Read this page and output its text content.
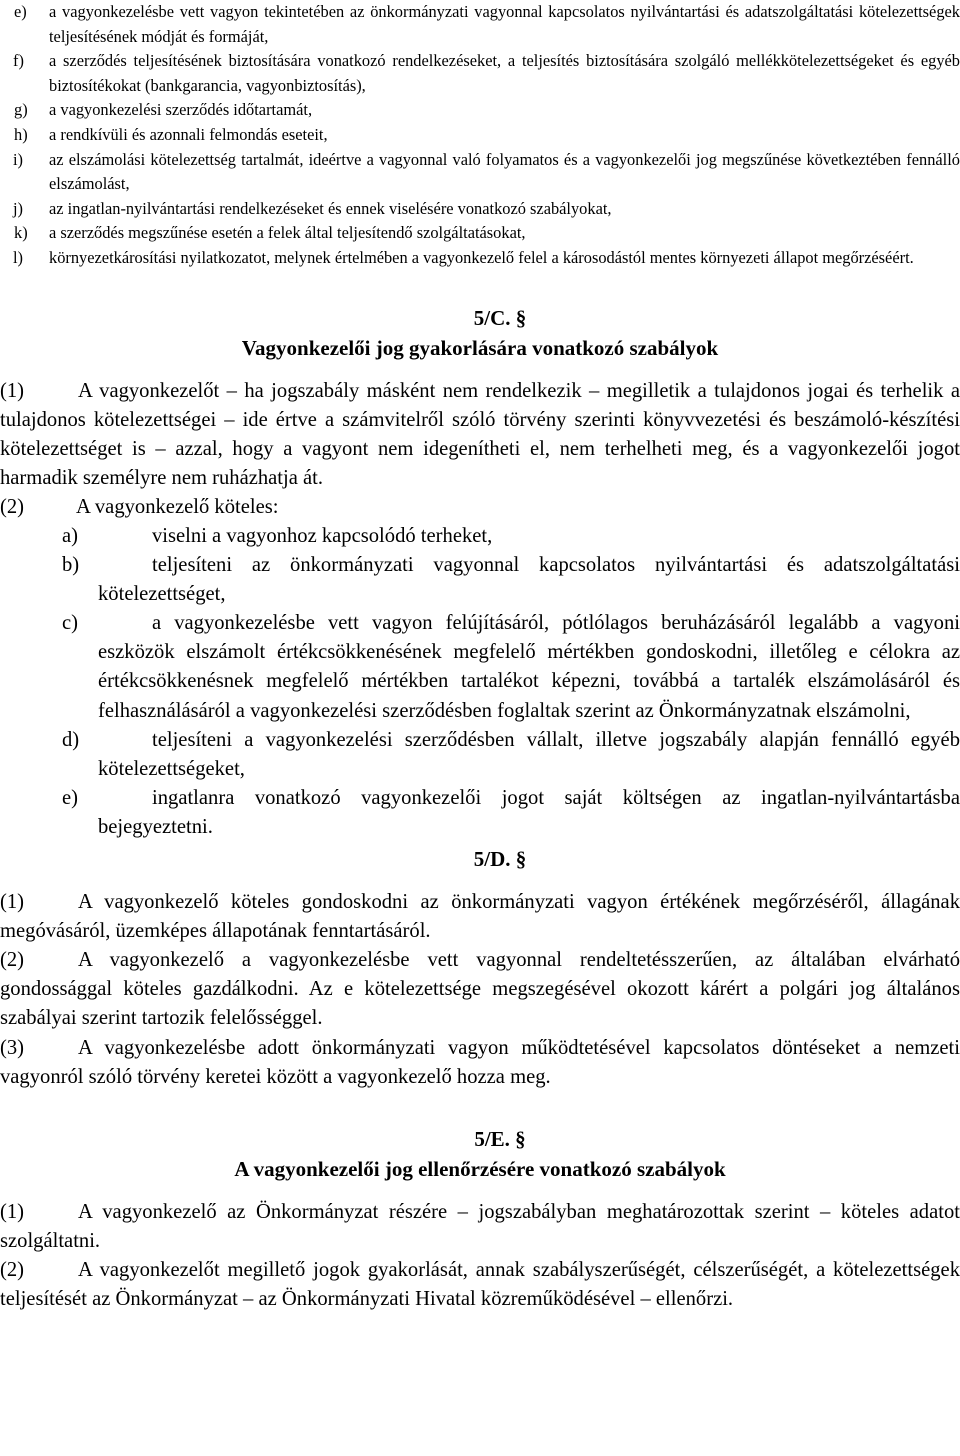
e)	a vagyonkezelésbe vett vagyon tekintetében az önkormányzati vagyonnal kapcsolatos nyilvántartási és adatszolgáltatási kötelezettségek teljesítésének módját és formáját,
f)	a szerződés teljesítésének biztosítására vonatkozó rendelkezéseket, a teljesítés biztosítására szolgáló mellékkötelezettségeket és egyéb biztosítékokat (bankgarancia, vagyonbiztosítás),
g)	a vagyonkezelési szerződés időtartamát,
h)	a rendkívüli és azonnali felmondás eseteit,
i)	az elszámolási kötelezettség tartalmát, ideértve a vagyonnal való folyamatos és a vagyonkezelői jog megszűnése következtében fennálló elszámolást,
j)	az ingatlan-nyilvántartási rendelkezéseket és ennek viselésére vonatkozó szabályokat,
k)	a szerződés megszűnése esetén a felek által teljesítendő szolgáltatásokat,
l)	környezetkárosítási nyilatkozatot, melynek értelmében a vagyonkezelő felel a károsodástól mentes környezeti állapot megőrzéséért.
5/C. §
Vagyonkezelői jog gyakorlására vonatkozó szabályok
(1)	A vagyonkezelőt – ha jogszabály másként nem rendelkezik – megilletik a tulajdonos jogai és terhelik a tulajdonos kötelezettségei – ide értve a számvitelről szóló törvény szerinti könyvvezetési és beszámoló-készítési kötelezettséget is – azzal, hogy a vagyont nem idegenítheti el, nem terhelheti meg, és a vagyonkezelői jogot harmadik személyre nem ruházhatja át.
(2)	A vagyonkezelő köteles:
a)	viselni a vagyonhoz kapcsolódó terheket,
b)	teljesíteni az önkormányzati vagyonnal kapcsolatos nyilvántartási és adatszolgáltatási kötelezettséget,
c)	a vagyonkezelésbe vett vagyon felújításáról, pótlólagos beruházásáról legalább a vagyoni eszközök elszámolt értékcsökkenésének megfelelő mértékben gondoskodni, illetőleg e célokra az értékcsökkenésnek megfelelő mértékben tartalékot képezni, továbbá a tartalék elszámolásáról és felhasználásáról a vagyonkezelési szerződésben foglaltak szerint az Önkormányzatnak elszámolni,
d)	teljesíteni a vagyonkezelési szerződésben vállalt, illetve jogszabály alapján fennálló egyéb kötelezettségeket,
e)	ingatlanra vonatkozó vagyonkezelői jogot saját költségen az ingatlan-nyilvántartásba bejegyeztetni.
5/D. §
(1)	A vagyonkezelő köteles gondoskodni az önkormányzati vagyon értékének megőrzéséről, állagának megóvásáról, üzemképes állapotának fenntartásáról.
(2)	A vagyonkezelő a vagyonkezelésbe vett vagyonnal rendeltetésszerűen, az általában elvárható gondossággal köteles gazdálkodni. Az e kötelezettsége megszegésével okozott kárért a polgári jog általános szabályai szerint tartozik felelősséggel.
(3)	A vagyonkezelésbe adott önkormányzati vagyon működtetésével kapcsolatos döntéseket a nemzeti vagyonról szóló törvény keretei között a vagyonkezelő hozza meg.
5/E. §
A vagyonkezelői jog ellenőrzésére vonatkozó szabályok
(1)	A vagyonkezelő az Önkormányzat részére – jogszabályban meghatározottak szerint – köteles adatot szolgáltatni.
(2)	A vagyonkezelőt megillető jogok gyakorlását, annak szabályszerűségét, célszerűségét, a kötelezettségek teljesítését az Önkormányzat – az Önkormányzati Hivatal közreműködésével – ellenőrzi.
